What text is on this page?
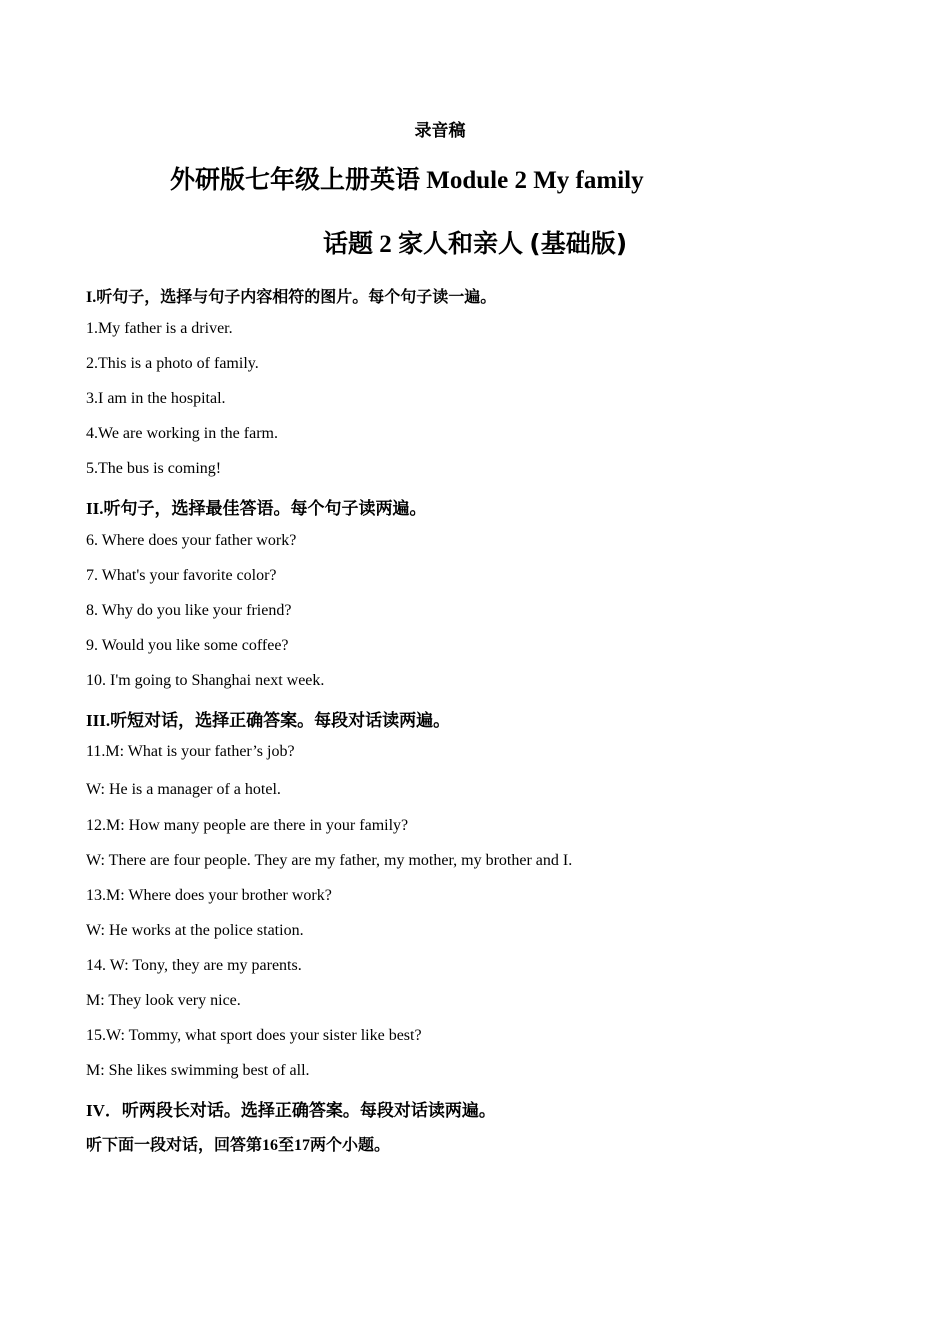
录音稿
外研版七年级上册英语 Module 2 My family
话题 2 家人和亲人 (基础版)
I.听句子，选择与句子内容相符的图片。每个句子读一遍。
1.My father is a driver.
2.This is a photo of family.
3.I am in the hospital.
4.We are working in the farm.
5.The bus is coming!
II.听句子，选择最佳答语。每个句子读两遍。
6. Where does your father work?
7. What's your favorite color?
8. Why do you like your friend?
9. Would you like some coffee?
10. I'm going to Shanghai next week.
III.听短对话，选择正确答案。每段对话读两遍。
11.M: What is your father’s job?
W: He is a manager of a hotel.
12.M: How many people are there in your family?
W: There are four people. They are my father, my mother, my brother and I.
13.M: Where does your brother work?
W: He works at the police station.
14. W: Tony, they are my parents.
M: They look very nice.
15.W: Tommy, what sport does your sister like best?
M: She likes swimming best of all.
IV．听两段长对话。选择正确答案。每段对话读两遍。
听下面一段对话，回答第16至17两个小题。
